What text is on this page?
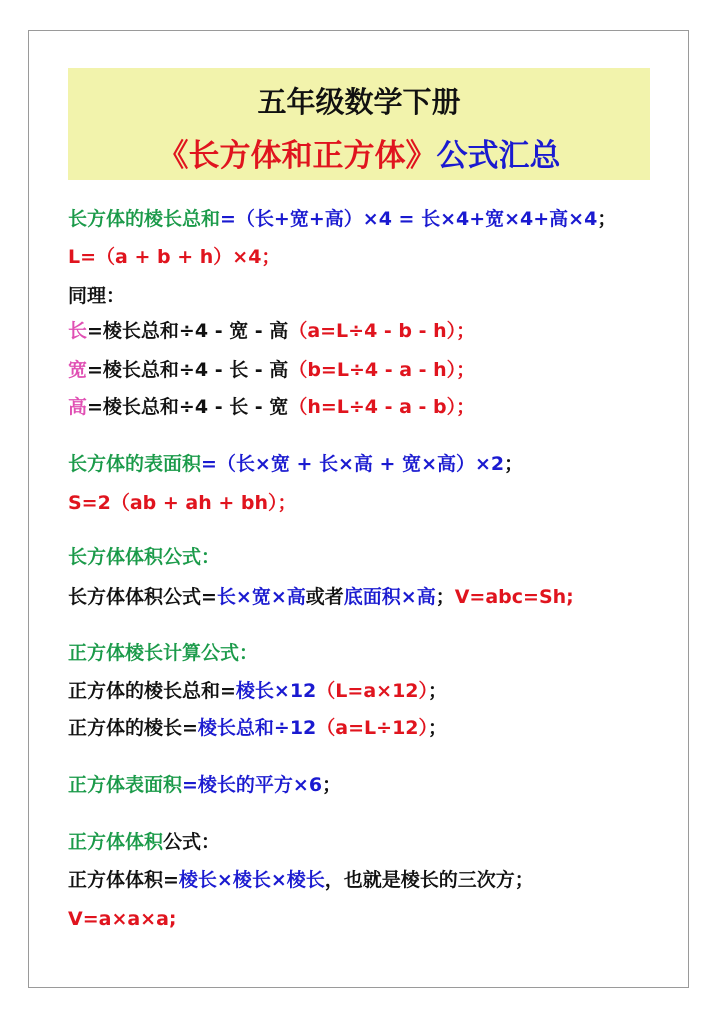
五年级数学下册
《长方体和正方体》公式汇总
长方体的棱长总和=（长+宽+高）×4 = 长×4+宽×4+高×4；
L=（a + b + h）×4；
同理：
长=棱长总和÷4 - 宽 - 高（a=L÷4 - b - h）；
宽=棱长总和÷4 - 长 - 高（b=L÷4 - a - h）；
高=棱长总和÷4 - 长 - 宽（h=L÷4 - a - b）；
长方体的表面积=（长×宽 + 长×高 + 宽×高）×2；
S=2（ab + ah + bh）；
长方体体积公式：
长方体体积公式=长×宽×高或者底面积×高；V=abc=Sh;
正方体棱长计算公式：
正方体的棱长总和=棱长×12（L=a×12）；
正方体的棱长=棱长总和÷12（a=L÷12）；
正方体表面积=棱长的平方×6；
正方体体积公式：
正方体体积=棱长×棱长×棱长，也就是棱长的三次方；
V=a×a×a;
